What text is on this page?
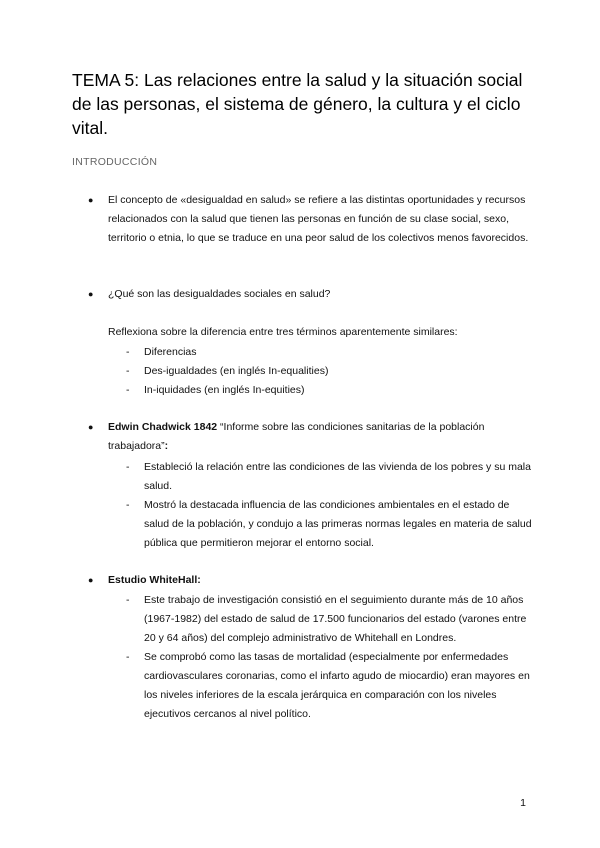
TEMA 5: Las relaciones entre la salud y la situación social de las personas, el sistema de género, la cultura y el ciclo vital.
INTRODUCCIÓN
●	El concepto de «desigualdad en salud» se refiere a las distintas oportunidades y recursos relacionados con la salud que tienen las personas en función de su clase social, sexo, territorio o etnia, lo que se traduce en una peor salud de los colectivos menos favorecidos.

●	¿Qué son las desigualdades sociales en salud?

Reflexiona sobre la diferencia entre tres términos aparentemente similares:

- Diferencias
- Des-igualdades (en inglés In-equalities)
- In-iquidades (en inglés In-equities)
●	Edwin Chadwick 1842 “Informe sobre las condiciones sanitarias de la población trabajadora”:

- Estableció la relación entre las condiciones de las vivienda de los pobres y su mala salud.
- Mostró la destacada influencia de las condiciones ambientales en el estado de salud de la población, y condujo a las primeras normas legales en materia de salud pública que permitieron mejorar el entorno social.
●	Estudio WhiteHall:

- Este trabajo de investigación consistió en el seguimiento durante más de 10 años (1967-1982) del estado de salud de 17.500 funcionarios del estado (varones entre 20 y 64 años) del complejo administrativo de Whitehall en Londres.
- Se comprobó como las tasas de mortalidad (especialmente por enfermedades cardiovasculares coronarias, como el infarto agudo de miocardio) eran mayores en los niveles inferiores de la escala jerárquica en comparación con los niveles ejecutivos cercanos al nivel político.
1
